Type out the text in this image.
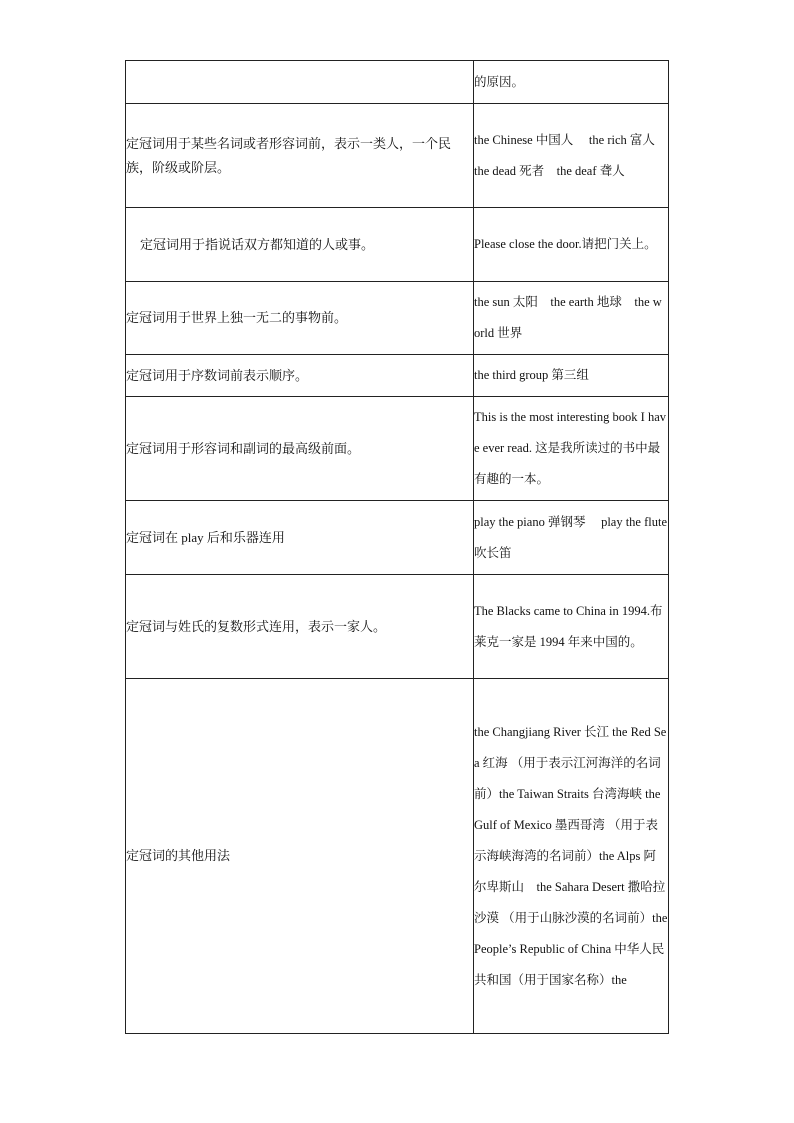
	的原因。
定冠词用于某些名词或者形容词前，表示一类人，一个民族，阶级或阶层。	the Chinese 中国人　 the rich 富人　the dead 死者　the deaf 聋人
定冠词用于指说话双方都知道的人或事。	Please close the door.请把门关上。
定冠词用于世界上独一无二的事物前。	the sun 太阳　the earth 地球　the world 世界
定冠词用于序数词前表示顺序。	the third group 第三组
定冠词用于形容词和副词的最高级前面。	This is the most interesting book I have ever read. 这是我所读过的书中最有趣的一本。
定冠词在 play 后和乐器连用	play the piano 弹钢琴　 play the flute 吹长笛
定冠词与姓氏的复数形式连用，表示一家人。	The Blacks came to China in 1994.布莱克一家是 1994 年来中国的。
定冠词的其他用法	the Changjiang River 长江 the Red Sea 红海 （用于表示江河海洋的名词前）the Taiwan Straits 台湾海峡 the Gulf of Mexico 墨西哥湾 （用于表示海峡海湾的名词前）the Alps 阿尔卑斯山　the Sahara Desert 撒哈拉沙漠 （用于山脉沙漠的名词前）the People’s Republic of China 中华人民共和国（用于国家名称）the
